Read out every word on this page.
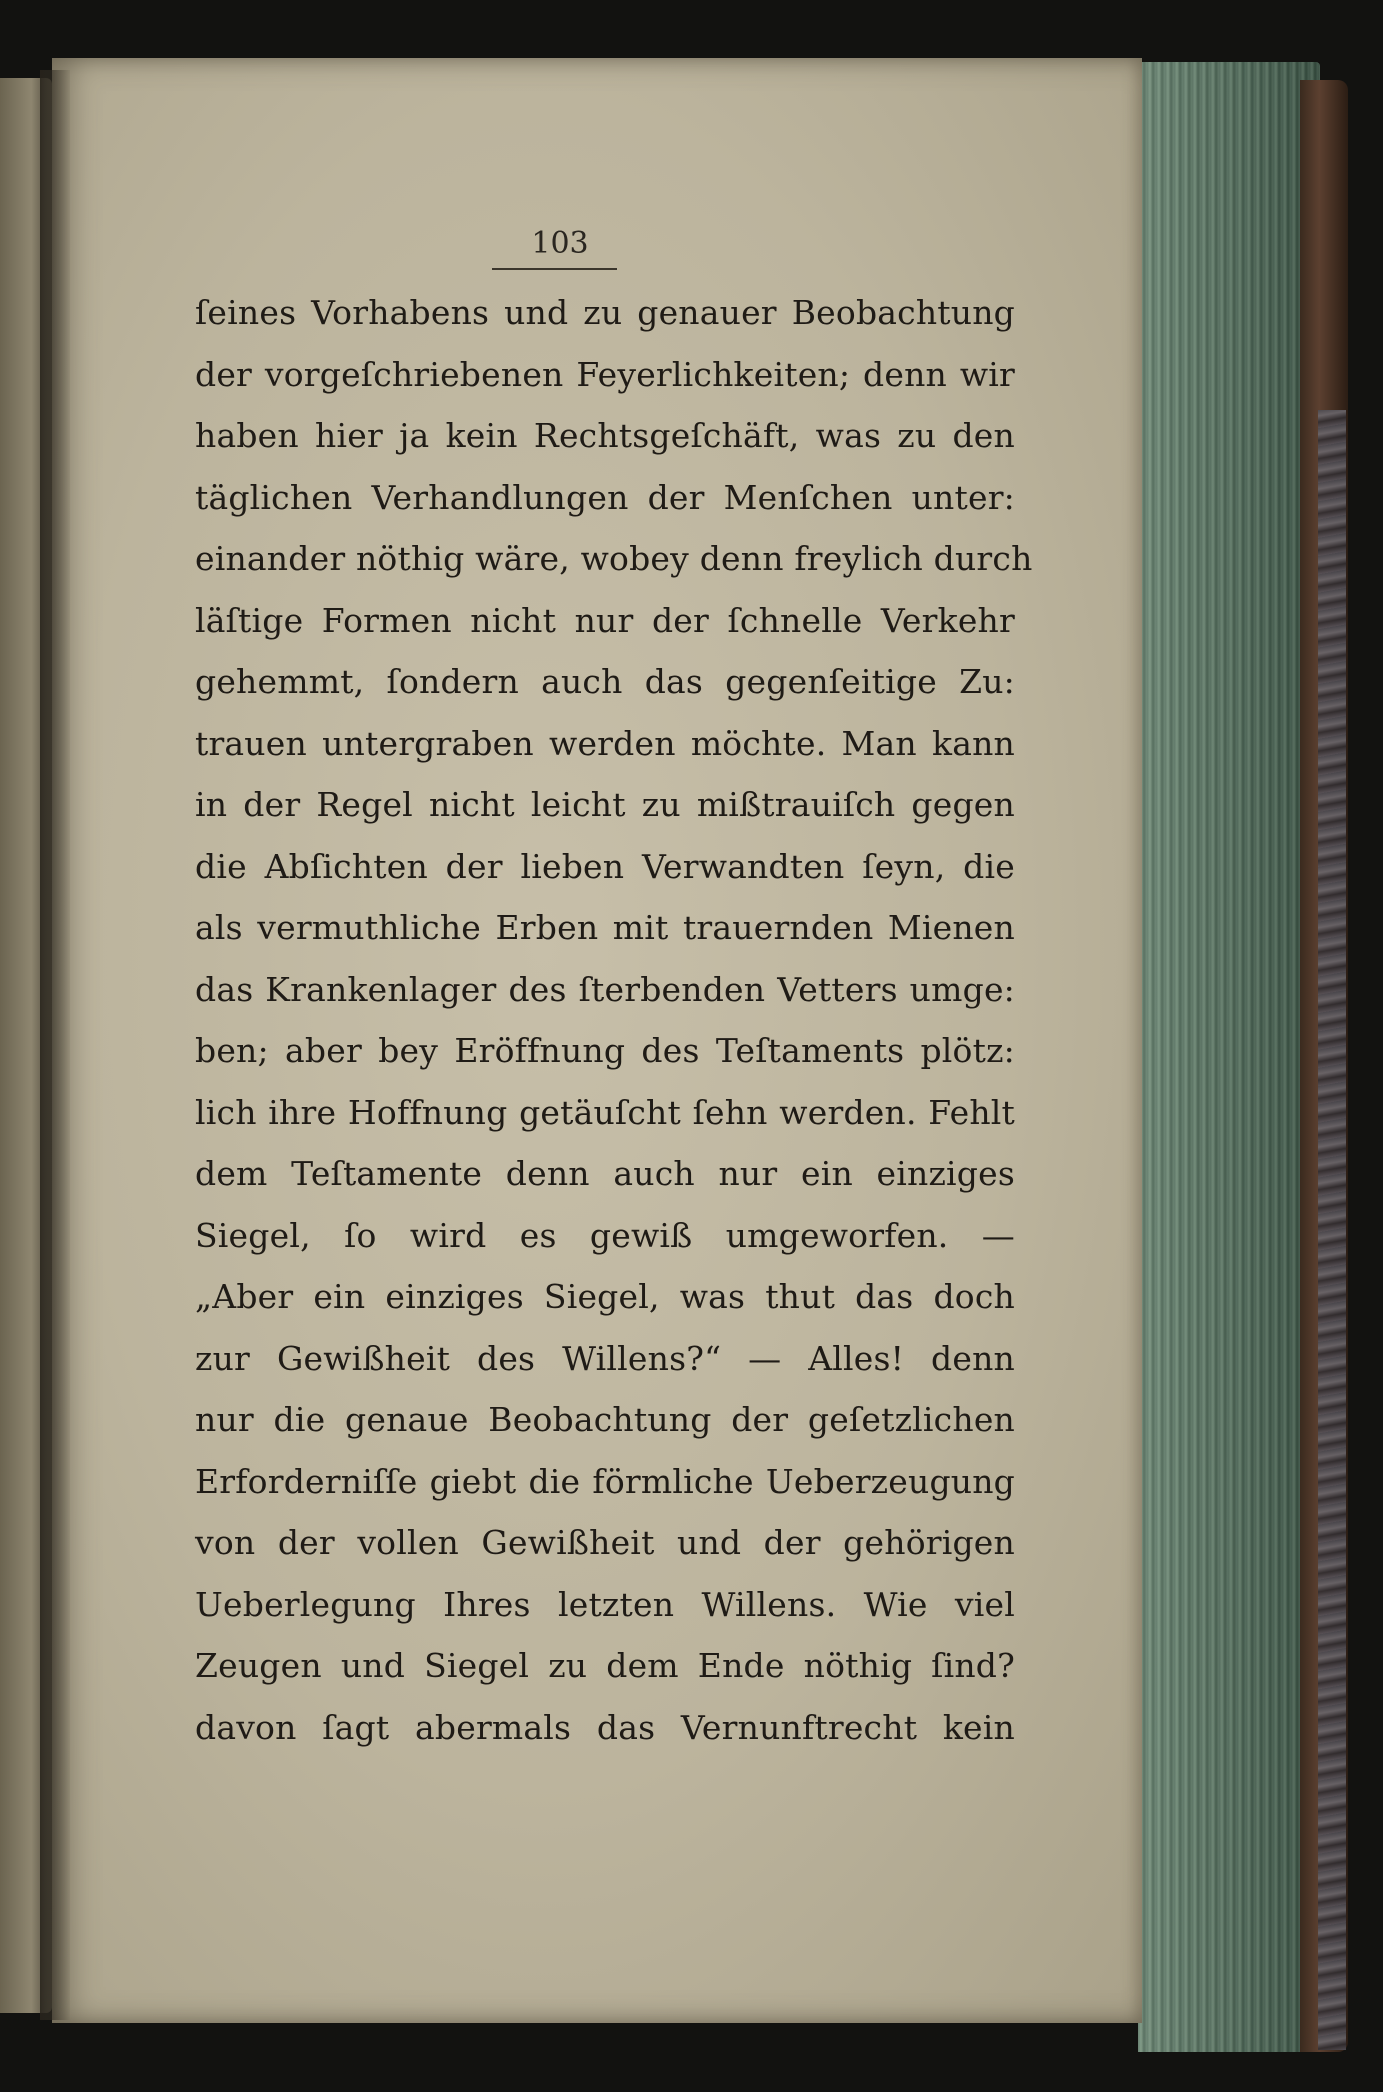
103
ſeines Vorhabens und zu genauer Beobachtung
der vorgeſchriebenen Feyerlichkeiten; denn wir
haben hier ja kein Rechtsgeſchäft, was zu den
täglichen Verhandlungen der Menſchen unter:
einander nöthig wäre, wobey denn freylich durch
läſtige Formen nicht nur der ſchnelle Verkehr
gehemmt, ſondern auch das gegenſeitige Zu:
trauen untergraben werden möchte. Man kann
in der Regel nicht leicht zu mißtrauiſch gegen
die Abſichten der lieben Verwandten ſeyn, die
als vermuthliche Erben mit trauernden Mienen
das Krankenlager des ſterbenden Vetters umge:
ben; aber bey Eröffnung des Teſtaments plötz:
lich ihre Hoffnung getäuſcht ſehn werden. Fehlt
dem Teſtamente denn auch nur ein einziges
Siegel, ſo wird es gewiß umgeworfen. —
„Aber ein einziges Siegel, was thut das doch
zur Gewißheit des Willens?“ — Alles! denn
nur die genaue Beobachtung der geſetzlichen
Erforderniſſe giebt die förmliche Ueberzeugung
von der vollen Gewißheit und der gehörigen
Ueberlegung Ihres letzten Willens. Wie viel
Zeugen und Siegel zu dem Ende nöthig ſind?
davon ſagt abermals das Vernunftrecht kein
